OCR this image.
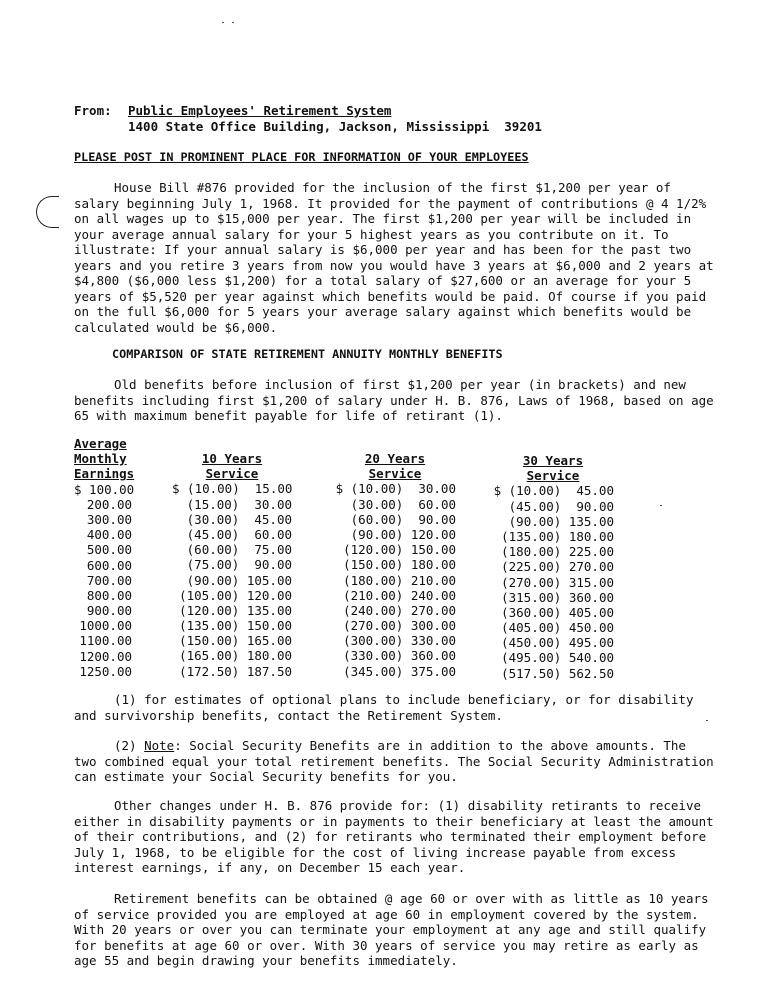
From: Public Employees' Retirement System
1400 State Office Building, Jackson, Mississippi  39201
PLEASE POST IN PROMINENT PLACE FOR INFORMATION OF YOUR EMPLOYEES

House Bill #876 provided for the inclusion of the first $1,200 per year of salary beginning July 1, 1968. It provided for the payment of contributions @ 4 1/2% on all wages up to $15,000 per year. The first $1,200 per year will be included in your average annual salary for your 5 highest years as you contribute on it. To illustrate: If your annual salary is $6,000 per year and has been for the past two years and you retire 3 years from now you would have 3 years at $6,000 and 2 years at $4,800 ($6,000 less $1,200) for a total salary of $27,600 or an average for your 5 years of $5,520 per year against which benefits would be paid. Of course if you paid on the full $6,000 for 5 years your average salary against which benefits would be calculated would be $6,000.

COMPARISON OF STATE RETIREMENT ANNUITY MONTHLY BENEFITS

Old benefits before inclusion of first $1,200 per year (in brackets) and new benefits including first $1,200 of salary under H. B. 876, Laws of 1968, based on age 65 with maximum benefit payable for life of retirant (1).

Average
Monthly
Earnings
$ 100.00
200.00
300.00
400.00
500.00
600.00
700.00
800.00
900.00
1000.00
1100.00
1200.00
1250.00
10 Years
Service
$ (10.00)  15.00
(15.00)  30.00
(30.00)  45.00
(45.00)  60.00
(60.00)  75.00
(75.00)  90.00
(90.00) 105.00
(105.00) 120.00
(120.00) 135.00
(135.00) 150.00
(150.00) 165.00
(165.00) 180.00
(172.50) 187.50
20 Years
Service
$ (10.00)  30.00
(30.00)  60.00
(60.00)  90.00
(90.00) 120.00
(120.00) 150.00
(150.00) 180.00
(180.00) 210.00
(210.00) 240.00
(240.00) 270.00
(270.00) 300.00
(300.00) 330.00
(330.00) 360.00
(345.00) 375.00
30 Years
Service
$ (10.00)  45.00
(45.00)  90.00
(90.00) 135.00
(135.00) 180.00
(180.00) 225.00
(225.00) 270.00
(270.00) 315.00
(315.00) 360.00
(360.00) 405.00
(405.00) 450.00
(450.00) 495.00
(495.00) 540.00
(517.50) 562.50

(1) for estimates of optional plans to include beneficiary, or for disability and survivorship benefits, contact the Retirement System.

(2) Note: Social Security Benefits are in addition to the above amounts. The two combined equal your total retirement benefits. The Social Security Administration can estimate your Social Security benefits for you.

Other changes under H. B. 876 provide for: (1) disability retirants to receive either in disability payments or in payments to their beneficiary at least the amount of their contributions, and (2) for retirants who terminated their employment before July 1, 1968, to be eligible for the cost of living increase payable from excess interest earnings, if any, on December 15 each year.

Retirement benefits can be obtained @ age 60 or over with as little as 10 years of service provided you are employed at age 60 in employment covered by the system. With 20 years or over you can terminate your employment at any age and still qualify for benefits at age 60 or over. With 30 years of service you may retire as early as age 55 and begin drawing your benefits immediately.
